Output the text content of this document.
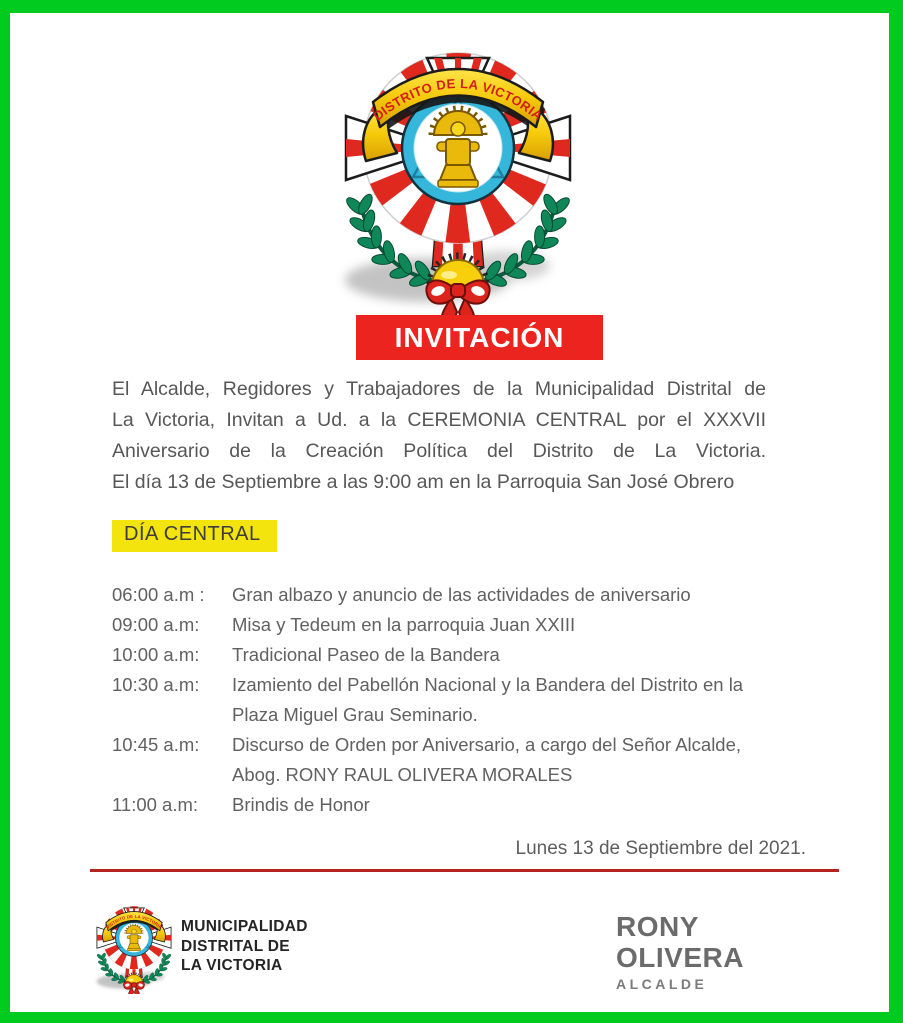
INVITACIÓN
El Alcalde, Regidores y Trabajadores de la Municipalidad Distrital de
La Victoria, Invitan a Ud. a la CEREMONIA CENTRAL por el XXXVII
Aniversario de la Creación Política del Distrito de La Victoria.
El día 13 de Septiembre a las 9:00 am en la Parroquia San José Obrero
DÍA CENTRAL
06:00 a.m :	Gran albazo y anuncio de las actividades de aniversario
09:00 a.m:	Misa y Tedeum en la parroquia Juan XXIII
10:00 a.m:	Tradicional Paseo de la Bandera
10:30 a.m:	Izamiento del Pabellón Nacional y la Bandera del Distrito en la
Plaza Miguel Grau Seminario.
10:45 a.m:	Discurso de Orden por Aniversario, a cargo del Señor Alcalde,
Abog. RONY RAUL OLIVERA MORALES
11:00 a.m:	Brindis de Honor
Lunes 13 de Septiembre del 2021.
MUNICIPALIDAD
DISTRITAL DE
LA VICTORIA
RONY
OLIVERA
ALCALDE
